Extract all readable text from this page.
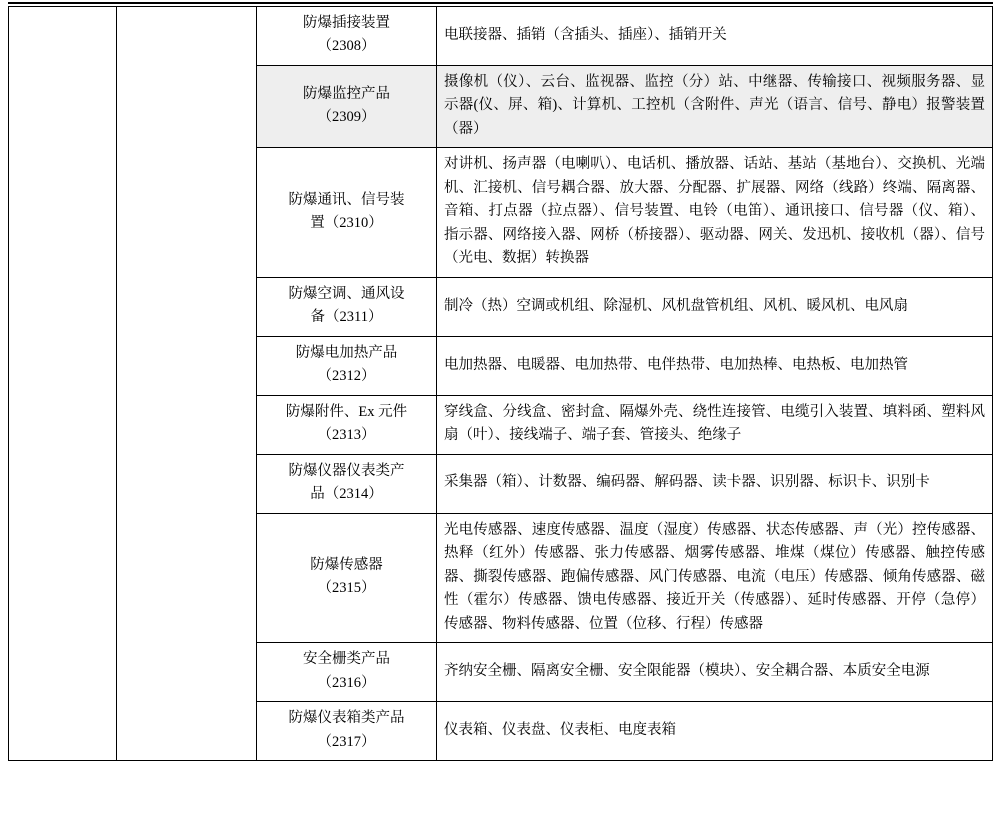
		防爆插接装置
（2308）	电联接器、插销（含插头、插座）、插销开关

		防爆监控产品
（2309）	摄像机（仪）、云台、监视器、监控（分）站、中继器、传输接口、视频服务器、显示器(仪、屏、箱)、计算机、工控机（含附件、声光（语言、信号、静电）报警装置（器）

		防爆通讯、信号装
置（2310）	对讲机、扬声器（电喇叭）、电话机、播放器、话站、基站（基地台）、交换机、光端机、汇接机、信号耦合器、放大器、分配器、扩展器、网络（线路）终端、隔离器、音箱、打点器（拉点器）、信号装置、电铃（电笛）、通讯接口、信号器（仪、箱）、指示器、网络接入器、网桥（桥接器）、驱动器、网关、发迅机、接收机（器）、信号（光电、数据）转换器

		防爆空调、通风设
备（2311）	制冷（热）空调或机组、除湿机、风机盘管机组、风机、暖风机、电风扇

		防爆电加热产品
（2312）	电加热器、电暖器、电加热带、电伴热带、电加热棒、电热板、电加热管

		防爆附件、Ex 元件
（2313）	穿线盒、分线盒、密封盒、隔爆外壳、绕性连接管、电缆引入装置、填料函、塑料风扇（叶）、接线端子、端子套、管接头、绝缘子

		防爆仪器仪表类产
品（2314）	采集器（箱）、计数器、编码器、解码器、读卡器、识别器、标识卡、识别卡

		防爆传感器
（2315）	光电传感器、速度传感器、温度（湿度）传感器、状态传感器、声（光）控传感器、热释（红外）传感器、张力传感器、烟雾传感器、堆煤（煤位）传感器、触控传感器、撕裂传感器、跑偏传感器、风门传感器、电流（电压）传感器、倾角传感器、磁性（霍尔）传感器、馈电传感器、接近开关（传感器）、延时传感器、开停（急停）传感器、物料传感器、位置（位移、行程）传感器

		安全栅类产品
（2316）	齐纳安全栅、隔离安全栅、安全限能器（模块）、安全耦合器、本质安全电源

		防爆仪表箱类产品
（2317）	仪表箱、仪表盘、仪表柜、电度表箱
